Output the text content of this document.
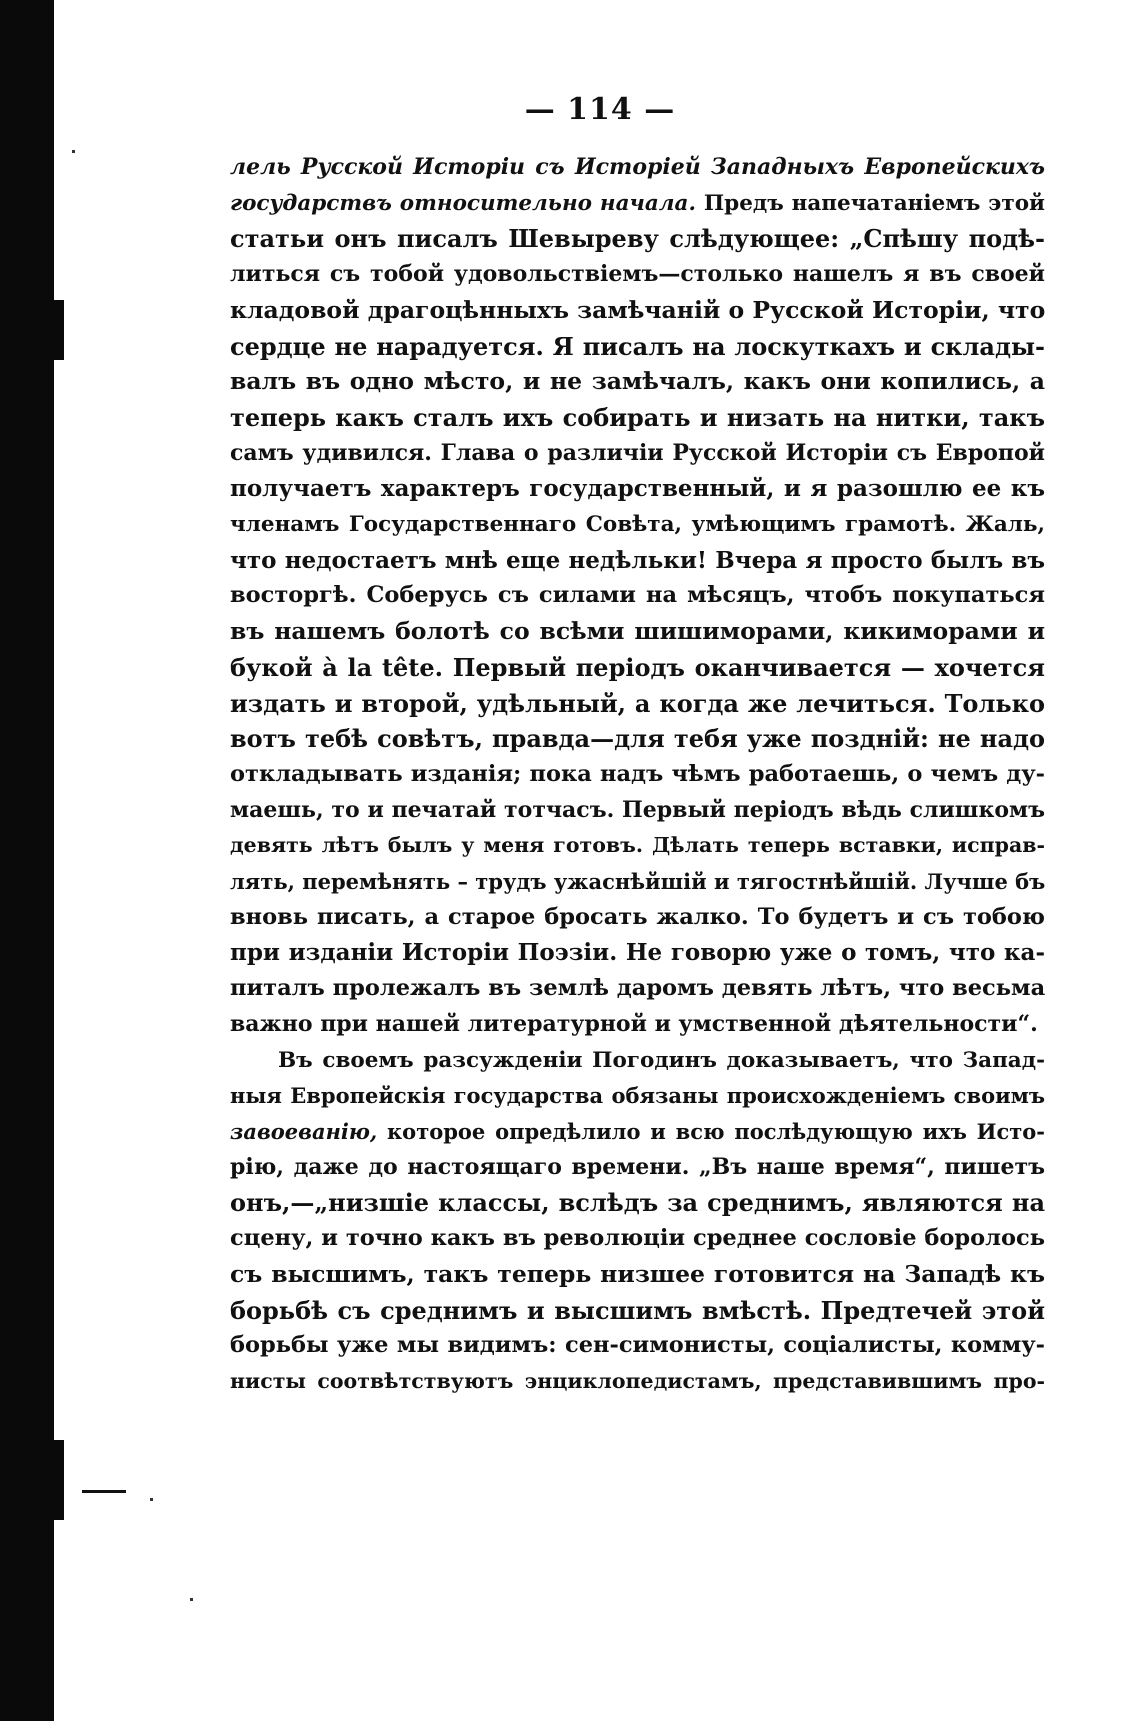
— 114 —
лель Русской Исторіи съ Исторіей Западныхъ Европейскихъ
государствъ относительно начала. Предъ напечатаніемъ этой
статьи онъ писалъ Шевыреву слѣдующее: „Спѣшу подѣ-
литься съ тобой удовольствіемъ—столько нашелъ я въ своей
кладовой драгоцѣнныхъ замѣчаній о Русской Исторіи, что
сердце не нарадуется. Я писалъ на лоскуткахъ и склады-
валъ въ одно мѣсто, и не замѣчалъ, какъ они копились, а
теперь какъ сталъ ихъ собирать и низать на нитки, такъ
самъ удивился. Глава о различіи Русской Исторіи съ Европой
получаетъ характеръ государственный, и я разошлю ее къ
членамъ Государственнаго Совѣта, умѣющимъ грамотѣ. Жаль,
что недостаетъ мнѣ еще недѣльки! Вчера я просто былъ въ
восторгѣ. Соберусь съ силами на мѣсяцъ, чтобъ покупаться
въ нашемъ болотѣ со всѣми шишиморами, кикиморами и
букой à la tête. Первый періодъ оканчивается — хочется
издать и второй, удѣльный, а когда же лечиться. Только
вотъ тебѣ совѣтъ, правда—для тебя уже поздній: не надо
откладывать изданія; пока надъ чѣмъ работаешь, о чемъ ду-
маешь, то и печатай тотчасъ. Первый періодъ вѣдь слишкомъ
девять лѣтъ былъ у меня готовъ. Дѣлать теперь вставки, исправ-
лять, перемѣнять – трудъ ужаснѣйшій и тягостнѣйшій. Лучше бъ
вновь писать, а старое бросать жалко. То будетъ и съ тобою
при изданіи Исторіи Поэзіи. Не говорю уже о томъ, что ка-
питалъ пролежалъ въ землѣ даромъ девять лѣтъ, что весьма
важно при нашей литературной и умственной дѣятельности“.
Въ своемъ разсужденіи Погодинъ доказываетъ, что Запад-
ныя Европейскія государства обязаны происхожденіемъ своимъ
завоеванію, которое опредѣлило и всю послѣдующую ихъ Исто-
рію, даже до настоящаго времени. „Въ наше время“, пишетъ
онъ,—„низшіе классы, вслѣдъ за среднимъ, являются на
сцену, и точно какъ въ революціи среднее сословіе боролось
съ высшимъ, такъ теперь низшее готовится на Западѣ къ
борьбѣ съ среднимъ и высшимъ вмѣстѣ. Предтечей этой
борьбы уже мы видимъ: сен-симонисты, соціалисты, комму-
нисты соотвѣтствуютъ энциклопедистамъ, представившимъ про-
